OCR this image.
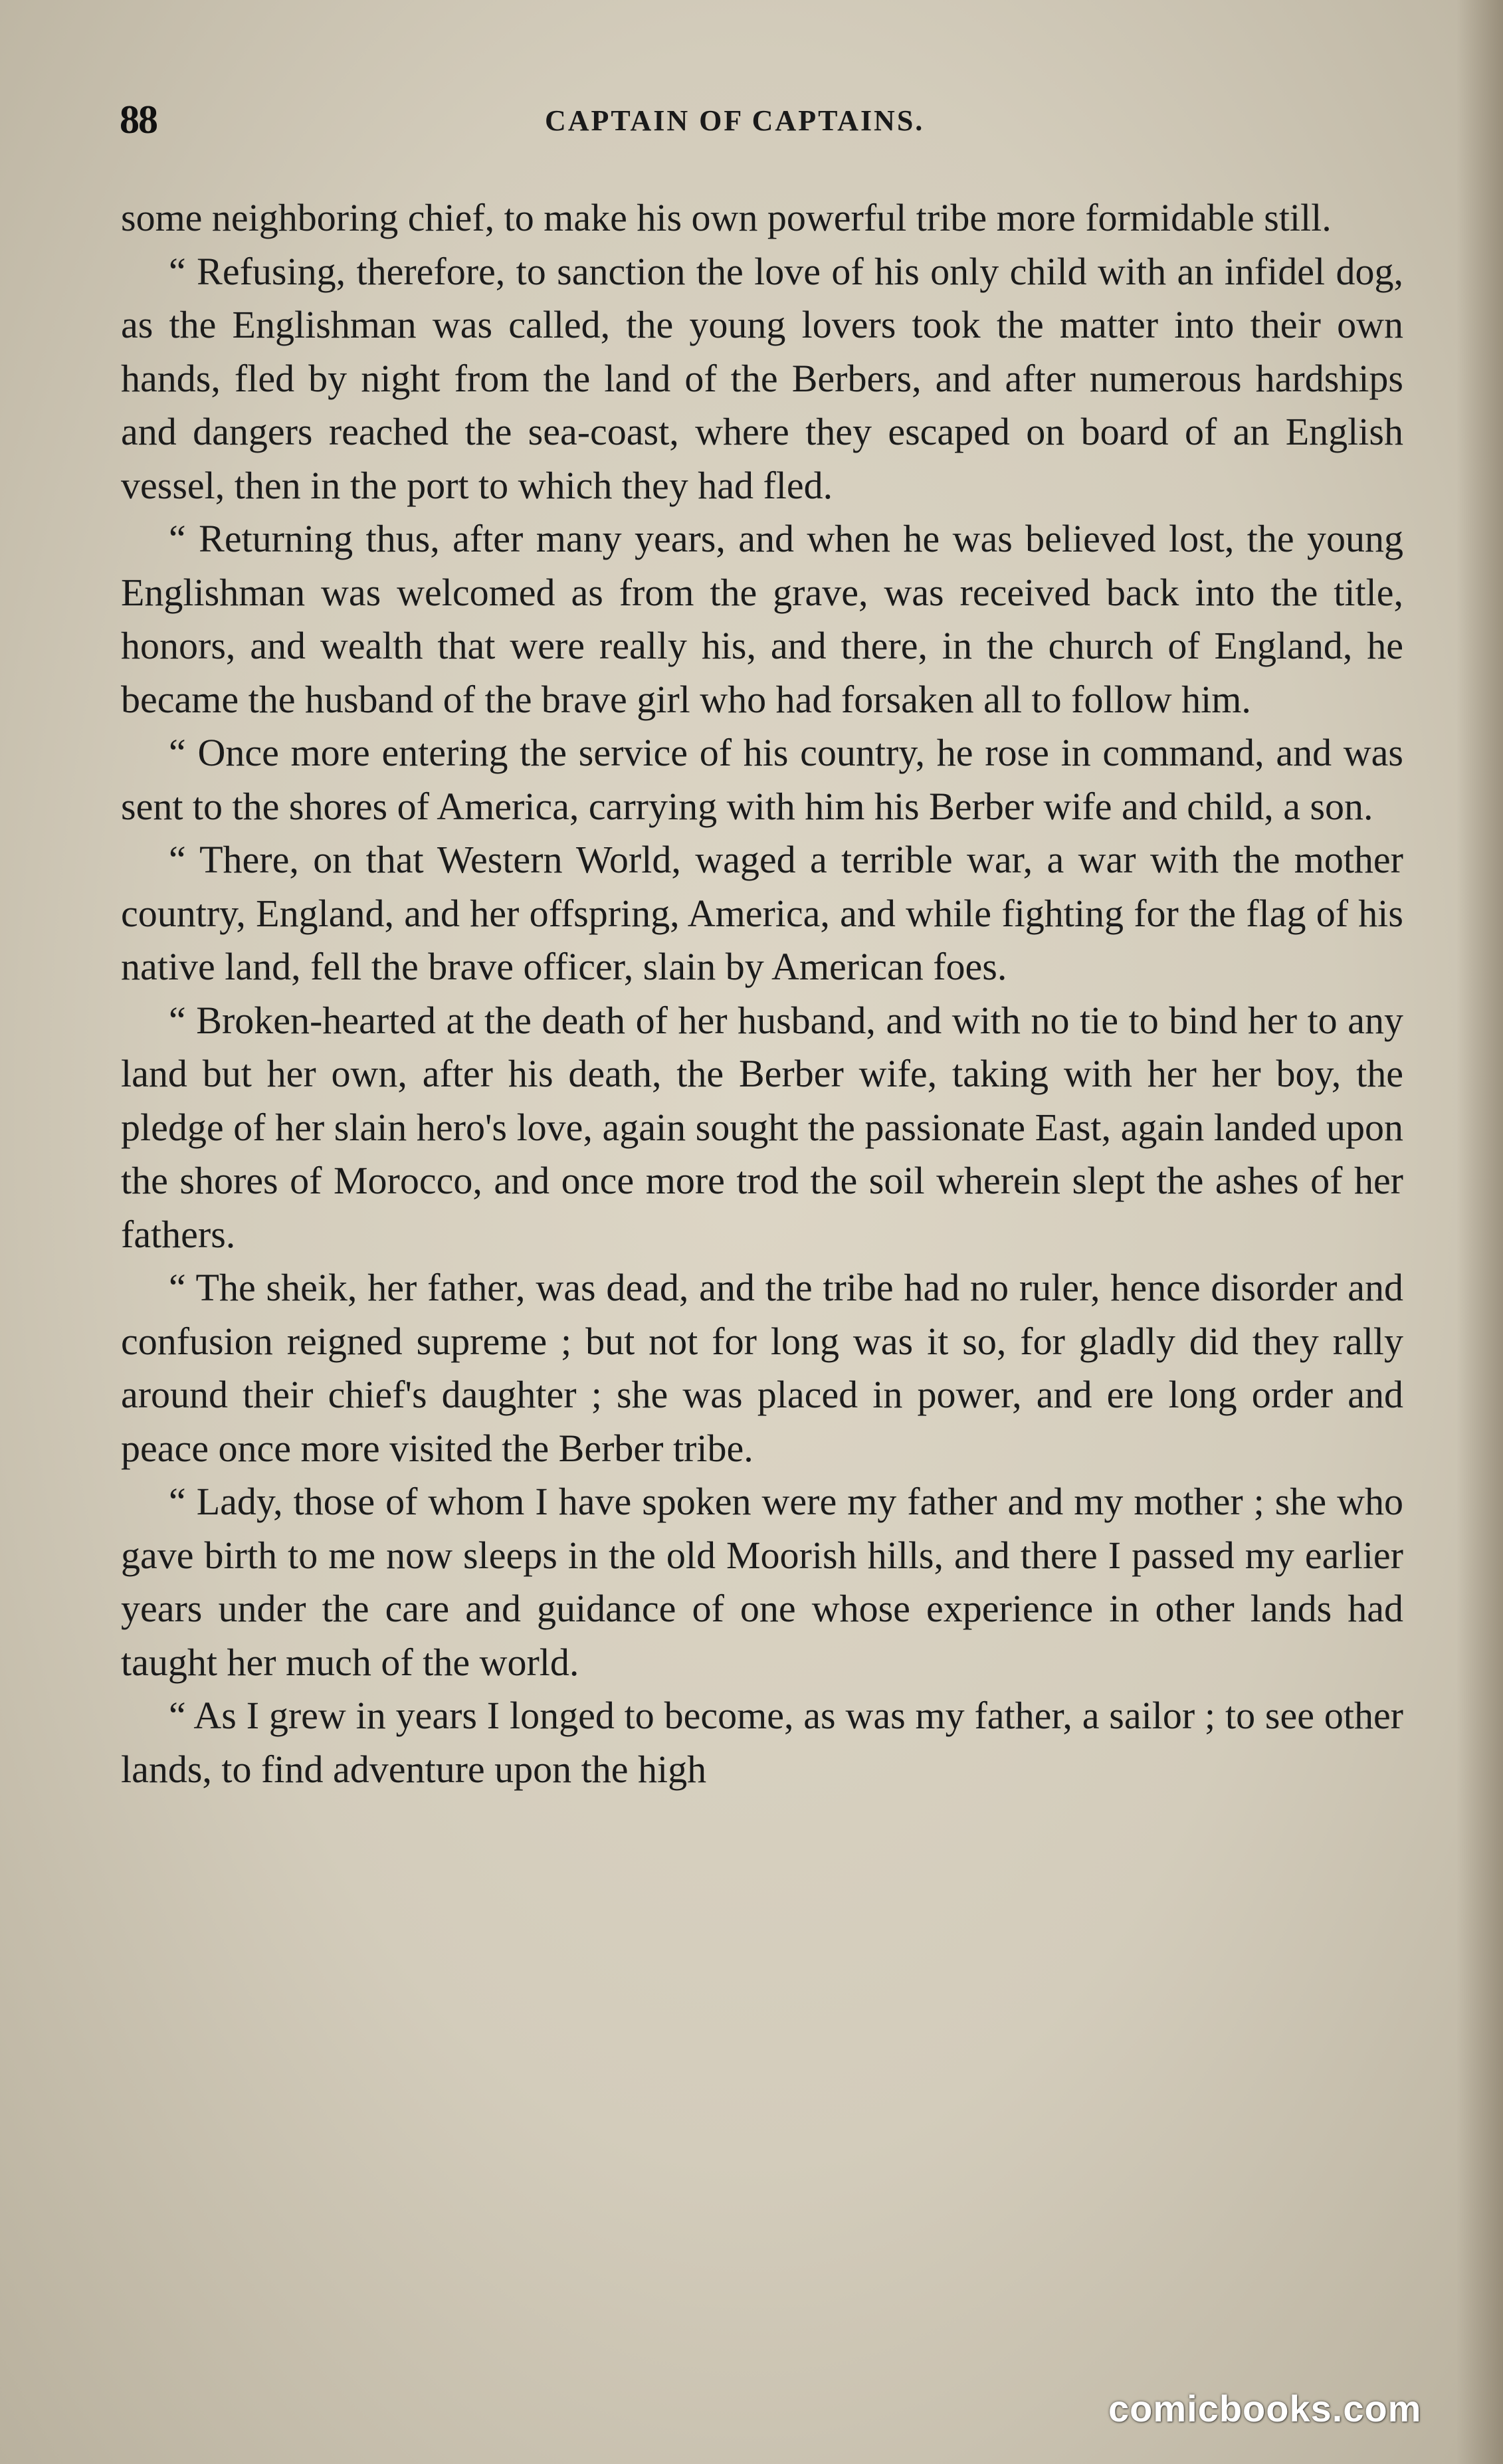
88	CAPTAIN OF CAPTAINS.

some neighboring chief, to make his own powerful tribe more formidable still.

“ Refusing, therefore, to sanction the love of his only child with an infidel dog, as the Englishman was called, the young lovers took the matter into their own hands, fled by night from the land of the Berbers, and after numerous hardships and dangers reached the sea-coast, where they escaped on board of an English vessel, then in the port to which they had fled.

“ Returning thus, after many years, and when he was believed lost, the young Englishman was welcomed as from the grave, was received back into the title, honors, and wealth that were really his, and there, in the church of England, he became the husband of the brave girl who had forsaken all to follow him.

“ Once more entering the service of his country, he rose in command, and was sent to the shores of America, carrying with him his Berber wife and child, a son.

“ There, on that Western World, waged a terrible war, a war with the mother country, England, and her offspring, America, and while fighting for the flag of his native land, fell the brave officer, slain by American foes.

“ Broken-hearted at the death of her husband, and with no tie to bind her to any land but her own, after his death, the Berber wife, taking with her her boy, the pledge of her slain hero's love, again sought the passionate East, again landed upon the shores of Morocco, and once more trod the soil wherein slept the ashes of her fathers.

“ The sheik, her father, was dead, and the tribe had no ruler, hence disorder and confusion reigned supreme ; but not for long was it so, for gladly did they rally around their chief's daughter ; she was placed in power, and ere long order and peace once more visited the Berber tribe.

“ Lady, those of whom I have spoken were my father and my mother ; she who gave birth to me now sleeps in the old Moorish hills, and there I passed my earlier years under the care and guidance of one whose experience in other lands had taught her much of the world.

“ As I grew in years I longed to become, as was my father, a sailor ; to see other lands, to find adventure upon the high

comicbooks.com
